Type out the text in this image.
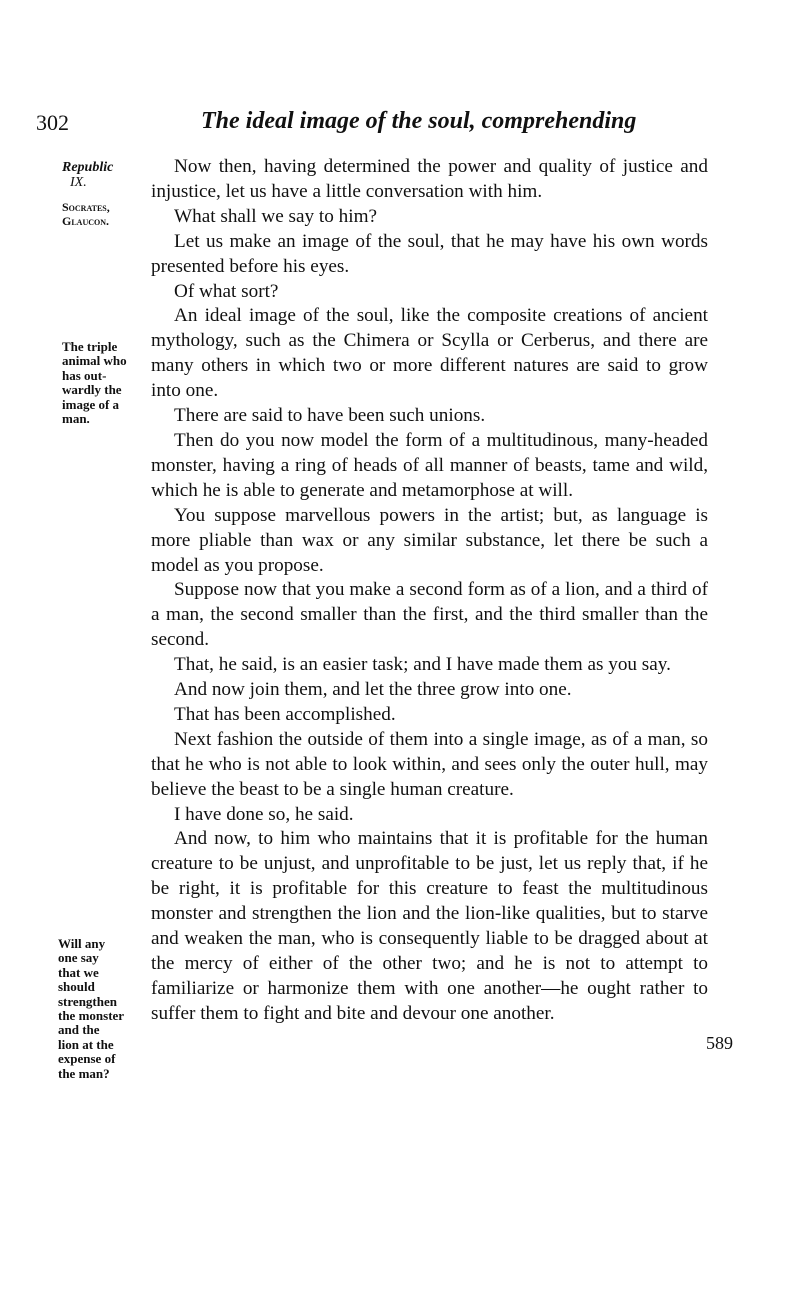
302	The ideal image of the soul, comprehending
Republic
IX.
Socrates,
Glaucon.
The triple
animal who
has out-
wardly the
image of a
man.
Will any
one say
that we
should
strengthen
the monster
and the
lion at the
expense of
the man?

Now then, having determined the power and quality of justice and injustice, let us have a little conversation with him.

What shall we say to him?

Let us make an image of the soul, that he may have his own words presented before his eyes.

Of what sort?

An ideal image of the soul, like the composite creations of ancient mythology, such as the Chimera or Scylla or Cerberus, and there are many others in which two or more different natures are said to grow into one.

There are said to have been such unions.

Then do you now model the form of a multitudinous, many-headed monster, having a ring of heads of all manner of beasts, tame and wild, which he is able to generate and metamorphose at will.

You suppose marvellous powers in the artist; but, as language is more pliable than wax or any similar substance, let there be such a model as you propose.

Suppose now that you make a second form as of a lion, and a third of a man, the second smaller than the first, and the third smaller than the second.

That, he said, is an easier task; and I have made them as you say.

And now join them, and let the three grow into one.

That has been accomplished.

Next fashion the outside of them into a single image, as of a man, so that he who is not able to look within, and sees only the outer hull, may believe the beast to be a single human creature.

I have done so, he said.

And now, to him who maintains that it is profitable for the human creature to be unjust, and unprofitable to be just, let us reply that, if he be right, it is profitable for this creature to feast the multitudinous monster and strengthen the lion and the lion-like qualities, but to starve and weaken the man, who is consequently liable to be dragged about at the mercy of either of the other two; and he is not to attempt to familiarize or harmonize them with one another—he ought rather to suffer them to fight and bite and devour one another.

589
